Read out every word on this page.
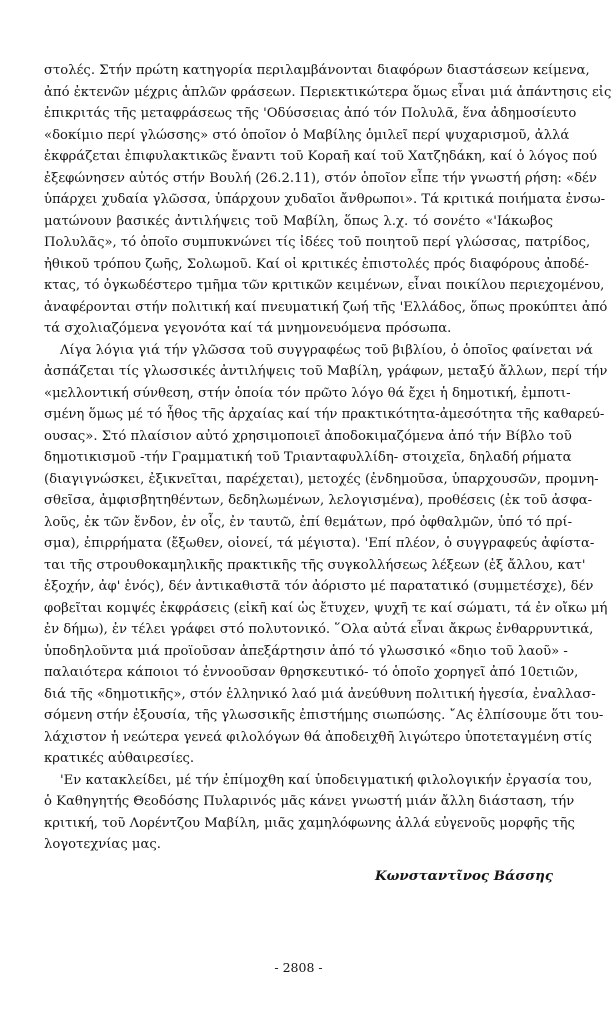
στολές. Στήν πρώτη κατηγορία περιλαμβάνονται διαφόρων διαστάσεων κείμενα,
ἀπό ἐκτενῶν μέχρις ἁπλῶν φράσεων. Περιεκτικώτερα ὅμως εἶναι μιά ἀπάντησις εἰς
ἐπικριτάς τῆς μεταφράσεως τῆς 'Οδύσσειας ἀπό τόν Πολυλᾶ, ἕνα ἀδημοσίευτο
«δοκίμιο περί γλώσσης» στό ὁποῖον ὁ Μαβίλης ὁμιλεῖ περί ψυχαρισμοῦ, ἀλλά
ἐκφράζεται ἐπιφυλακτικῶς ἔναντι τοῦ Κοραῆ καί τοῦ Χατζηδάκη, καί ὁ λόγος πού
ἐξεφώνησεν αὐτός στήν Βουλή (26.2.11), στόν ὁποῖον εἶπε τήν γνωστή ρήση: «δέν
ὑπάρχει χυδαία γλῶσσα, ὑπάρχουν χυδαῖοι ἄνθρωποι». Τά κριτικά ποιήματα ἐνσω-
ματώνουν βασικές ἀντιλήψεις τοῦ Μαβίλη, ὅπως λ.χ. τό σονέτο «'Ιάκωβος
Πολυλᾶς», τό ὁποῖο συμπυκνώνει τίς ἰδέες τοῦ ποιητοῦ περί γλώσσας, πατρίδος,
ἠθικοῦ τρόπου ζωῆς, Σολωμοῦ. Καί οἱ κριτικές ἐπιστολές πρός διαφόρους ἀποδέ-
κτας, τό ὀγκωδέστερο τμῆμα τῶν κριτικῶν κειμένων, εἶναι ποικίλου περιεχομένου,
ἀναφέρονται στήν πολιτική καί πνευματική ζωή τῆς 'Ελλάδος, ὅπως προκύπτει ἀπό
τά σχολιαζόμενα γεγονότα καί τά μνημονευόμενα πρόσωπα.
Λίγα λόγια γιά τήν γλῶσσα τοῦ συγγραφέως τοῦ βιβλίου, ὁ ὁποῖος φαίνεται νά
ἀσπάζεται τίς γλωσσικές ἀντιλήψεις τοῦ Μαβίλη, γράφων, μεταξύ ἄλλων, περί τήν
«μελλοντική σύνθεση, στήν ὁποία τόν πρῶτο λόγο θά ἔχει ἡ δημοτική, ἐμποτι-
σμένη ὅμως μέ τό ἦθος τῆς ἀρχαίας καί τήν πρακτικότητα-ἀμεσότητα τῆς καθαρεύ-
ουσας». Στό πλαίσιον αὐτό χρησιμοποιεῖ ἀποδοκιμαζόμενα ἀπό τήν Βίβλο τοῦ
δημοτικισμοῦ -τήν Γραμματική τοῦ Τριανταφυλλίδη- στοιχεῖα, δηλαδή ρήματα
(διαγιγνώσκει, ἐξικνεῖται, παρέχεται), μετοχές (ἐνδημοῦσα, ὑπαρχουσῶν, προμνη-
σθεῖσα, ἀμφισβητηθέντων, δεδηλωμένων, λελογισμένα), προθέσεις (ἐκ τοῦ ἀσφα-
λοῦς, ἐκ τῶν ἔνδον, ἐν οἷς, ἐν ταυτῶ, ἐπί θεμάτων, πρό ὀφθαλμῶν, ὑπό τό πρί-
σμα), ἐπιρρήματα (ἔξωθεν, οἱονεί, τά μέγιστα). 'Επί πλέον, ὁ συγγραφεύς ἀφίστα-
ται τῆς στρουθοκαμηλικῆς πρακτικῆς τῆς συγκολλήσεως λέξεων (ἐξ ἄλλου, κατ'
ἐξοχήν, ἀφ' ἑνός), δέν ἀντικαθιστᾶ τόν ἀόριστο μέ παρατατικό (συμμετέσχε), δέν
φοβεῖται κομψές ἐκφράσεις (εἰκῆ καί ὡς ἔτυχεν, ψυχῆ τε καί σώματι, τά ἐν οἴκω μή
ἐν δήμω), ἐν τέλει γράφει στό πολυτονικό. ῞Ολα αὐτά εἶναι ἄκρως ἐνθαρρυντικά,
ὑποδηλοῦντα μιά προϊοῦσαν ἀπεξάρτησιν ἀπό τό γλωσσικό «δηιο τοῦ λαοῦ» -
παλαιότερα κάποιοι τό ἐννοοῦσαν θρησκευτικό- τό ὁποῖο χορηγεῖ ἀπό 10ετιῶν,
διά τῆς «δημοτικῆς», στόν ἑλληνικό λαό μιά ἀνεύθυνη πολιτική ἡγεσία, ἐναλλασ-
σόμενη στήν ἐξουσία, τῆς γλωσσικῆς ἐπιστήμης σιωπώσης. ῎Ας ἐλπίσουμε ὅτι του-
λάχιστον ἡ νεώτερα γενεά φιλολόγων θά ἀποδειχθῆ λιγώτερο ὑποτεταγμένη στίς
κρατικές αὐθαιρεσίες.
'Εν κατακλείδει, μέ τήν ἐπίμοχθη καί ὑποδειγματική φιλολογικήν ἐργασία του,
ὁ Καθηγητής Θεοδόσης Πυλαρινός μᾶς κάνει γνωστή μιάν ἄλλη διάσταση, τήν
κριτική, τοῦ Λορέντζου Μαβίλη, μιᾶς χαμηλόφωνης ἀλλά εὐγενοῦς μορφῆς τῆς
λογοτεχνίας μας.
Κωνσταντῖνος Βάσσης
- 2808 -
